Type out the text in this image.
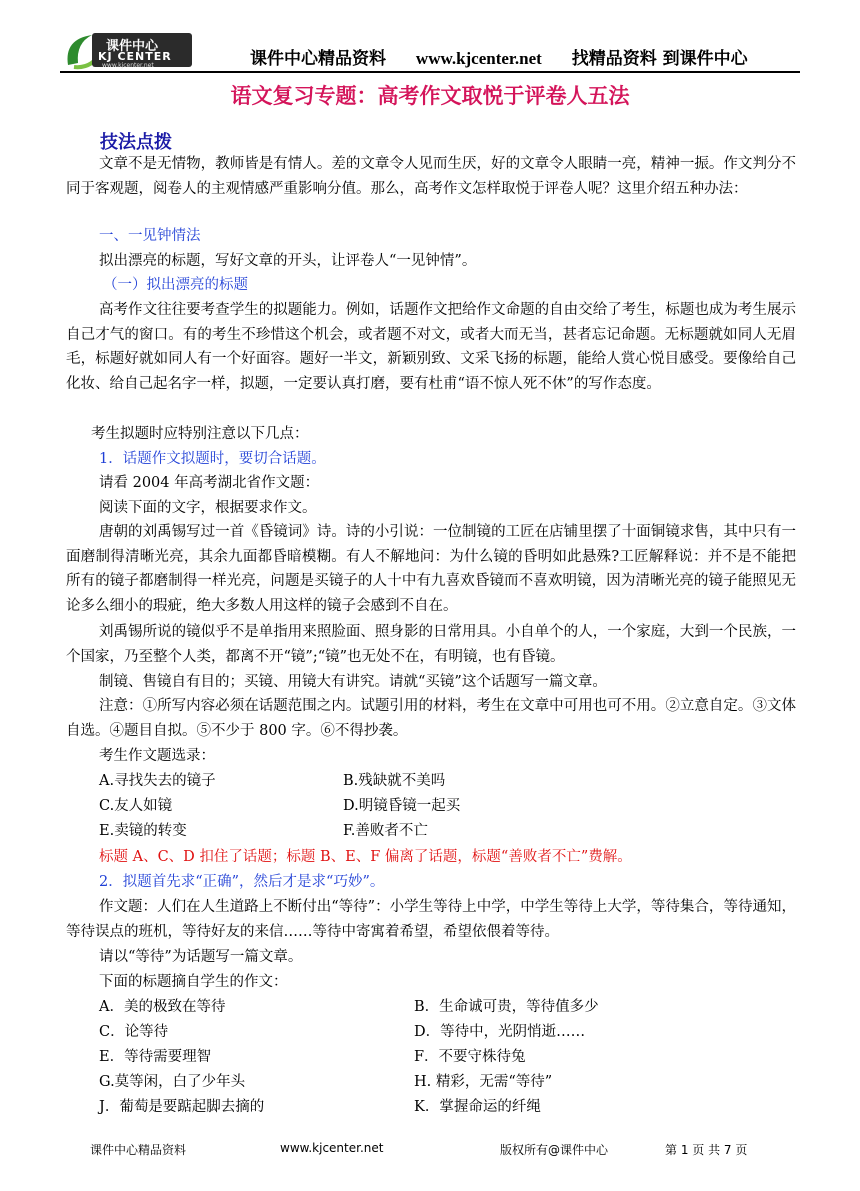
课件中心
KJ CENTER
www.kjcenter.net	课件中心精品资料 www.kjcenter.net 找精品资料 到课件中心
语文复习专题：高考作文取悦于评卷人五法
技法点拨
文章不是无情物，教师皆是有情人。差的文章令人见而生厌，好的文章令人眼睛一亮，精神一振。作文判分不同于客观题，阅卷人的主观情感严重影响分值。那么，高考作文怎样取悦于评卷人呢？这里介绍五种办法：
一、一见钟情法
拟出漂亮的标题，写好文章的开头，让评卷人“一见钟情”。
（一）拟出漂亮的标题
高考作文往往要考查学生的拟题能力。例如，话题作文把给作文命题的自由交给了考生，标题也成为考生展示自己才气的窗口。有的考生不珍惜这个机会，或者题不对文，或者大而无当，甚者忘记命题。无标题就如同人无眉毛，标题好就如同人有一个好面容。题好一半文，新颖别致、文采飞扬的标题，能给人赏心悦目感受。要像给自己化妆、给自己起名字一样，拟题，一定要认真打磨，要有杜甫“语不惊人死不休”的写作态度。
考生拟题时应特别注意以下几点：
1．话题作文拟题时，要切合话题。
请看 2004 年高考湖北省作文题：
阅读下面的文字，根据要求作文。
唐朝的刘禹锡写过一首《昏镜词》诗。诗的小引说：一位制镜的工匠在店铺里摆了十面铜镜求售，其中只有一面磨制得清晰光亮，其余九面都昏暗模糊。有人不解地问：为什么镜的昏明如此悬殊?工匠解释说：并不是不能把所有的镜子都磨制得一样光亮，问题是买镜子的人十中有九喜欢昏镜而不喜欢明镜，因为清晰光亮的镜子能照见无论多么细小的瑕疵，绝大多数人用这样的镜子会感到不自在。
刘禹锡所说的镜似乎不是单指用来照脸面、照身影的日常用具。小自单个的人，一个家庭，大到一个民族，一个国家，乃至整个人类，都离不开“镜”;“镜”也无处不在，有明镜，也有昏镜。
制镜、售镜自有目的；买镜、用镜大有讲究。请就“买镜”这个话题写一篇文章。
注意：①所写内容必须在话题范围之内。试题引用的材料，考生在文章中可用也可不用。②立意自定。③文体自选。④题目自拟。⑤不少于 800 字。⑥不得抄袭。
考生作文题选录：
A.寻找失去的镜子	B.残缺就不美吗
C.友人如镜	D.明镜昏镜一起买
E.卖镜的转变	F.善败者不亡
标题 A、C、D 扣住了话题；标题 B、E、F 偏离了话题，标题“善败者不亡”费解。
2．拟题首先求“正确”，然后才是求“巧妙”。
作文题：人们在人生道路上不断付出“等待”：小学生等待上中学，中学生等待上大学，等待集合，等待通知，等待误点的班机，等待好友的来信……等待中寄寓着希望，希望依偎着等待。
请以“等待”为话题写一篇文章。
下面的标题摘自学生的作文：
A．美的极致在等待	B．生命诚可贵，等待值多少
C．论等待	D．等待中，光阴悄逝……
E．等待需要理智	F．不要守株待兔
G.莫等闲，白了少年头	H. 精彩，无需“等待”
J．葡萄是要踮起脚去摘的	K．掌握命运的纤绳
课件中心精品资料	www.kjcenter.net	版权所有@课件中心	第 1 页 共 7 页
